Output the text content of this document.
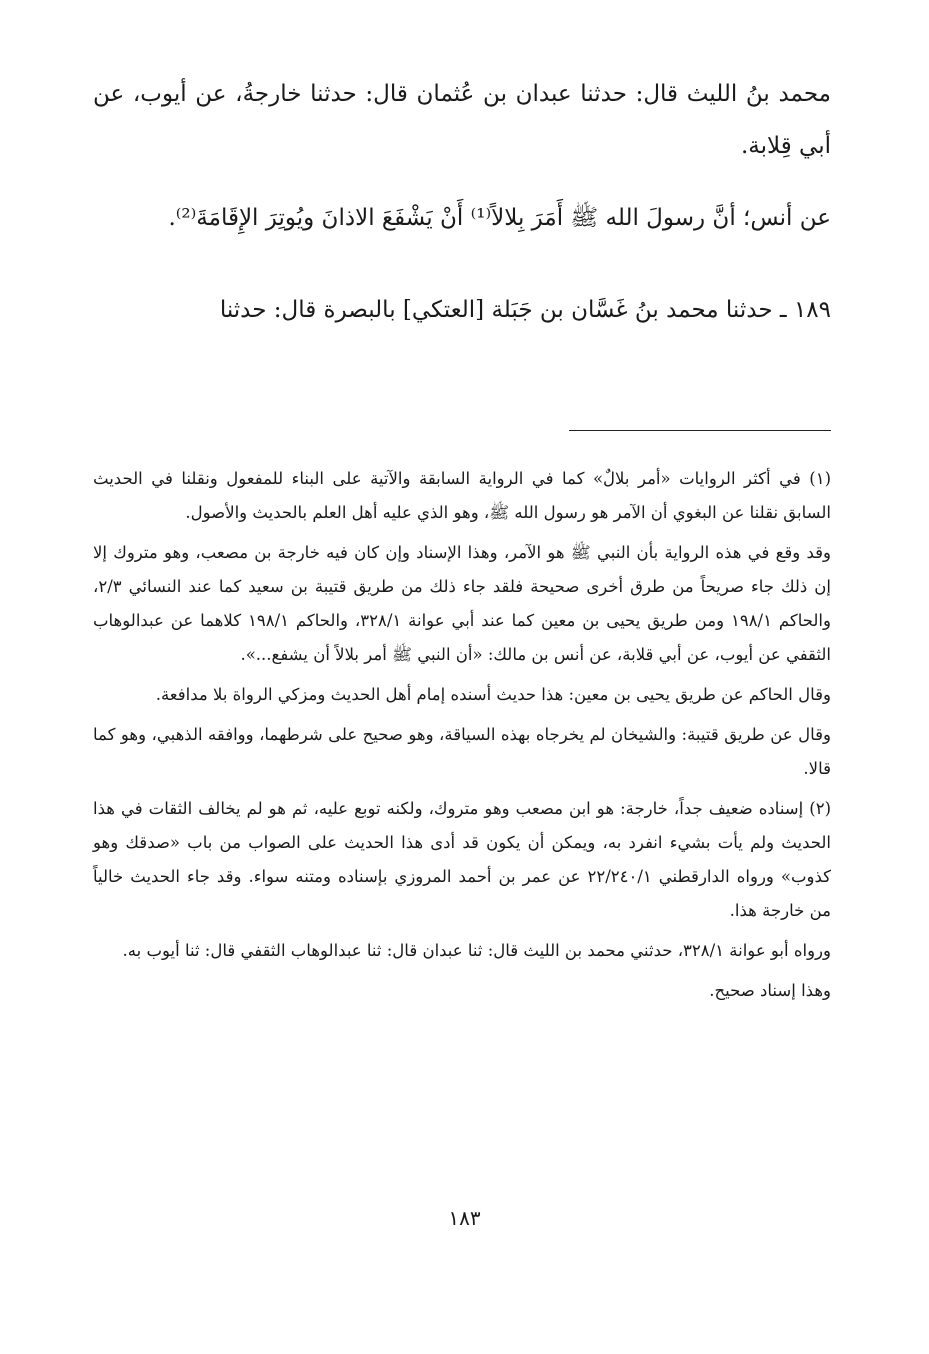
محمد بنُ الليث قال: حدثنا عبدان بن عُثمان قال: حدثنا خارجةُ، عن أيوب، عن أبي قِلابة.

عن أنس؛ أنَّ رسولَ الله ﷺ أَمَرَ بِلالاً⁽¹⁾ أَنْ يَشْفَعَ الاذانَ ويُوتِرَ الإِقَامَةَ⁽²⁾.

١٨٩ ـ حدثنا محمد بنُ غَسَّان بن جَبَلة [العتكي] بالبصرة قال: حدثنا

(١) في أكثر الروايات «أمر بلالٌ» كما في الرواية السابقة والآتية على البناء للمفعول ونقلنا في الحديث السابق نقلنا عن البغوي أن الآمر هو رسول الله ﷺ، وهو الذي عليه أهل العلم بالحديث والأصول.

وقد وقع في هذه الرواية بأن النبي ﷺ هو الآمر، وهذا الإسناد وإن كان فيه خارجة بن مصعب، وهو متروك إلا إن ذلك جاء صريحاً من طرق أخرى صحيحة فلقد جاء ذلك من طريق قتيبة بن سعيد كما عند النسائي ٢/٣، والحاكم ١٩٨/١ ومن طريق يحيى بن معين كما عند أبي عوانة ٣٢٨/١، والحاكم ١٩٨/١ كلاهما عن عبدالوهاب الثقفي عن أيوب، عن أبي قلابة، عن أنس بن مالك: «أن النبي ﷺ أمر بلالاً أن يشفع...».

وقال الحاكم عن طريق يحيى بن معين: هذا حديث أسنده إمام أهل الحديث ومزكي الرواة بلا مدافعة.

وقال عن طريق قتيبة: والشيخان لم يخرجاه بهذه السياقة، وهو صحيح على شرطهما، ووافقه الذهبي، وهو كما قالا.

(٢) إسناده ضعيف جداً، خارجة: هو ابن مصعب وهو متروك، ولكنه توبع عليه، ثم هو لم يخالف الثقات في هذا الحديث ولم يأت بشيء انفرد به، ويمكن أن يكون قد أدى هذا الحديث على الصواب من باب «صدقك وهو كذوب» ورواه الدارقطني ٢٢/٢٤٠/١ عن عمر بن أحمد المروزي بإسناده ومتنه سواء. وقد جاء الحديث خالياً من خارجة هذا.

ورواه أبو عوانة ٣٢٨/١، حدثني محمد بن الليث قال: ثنا عبدان قال: ثنا عبدالوهاب الثقفي قال: ثنا أيوب به.

وهذا إسناد صحيح.

١٨٣
